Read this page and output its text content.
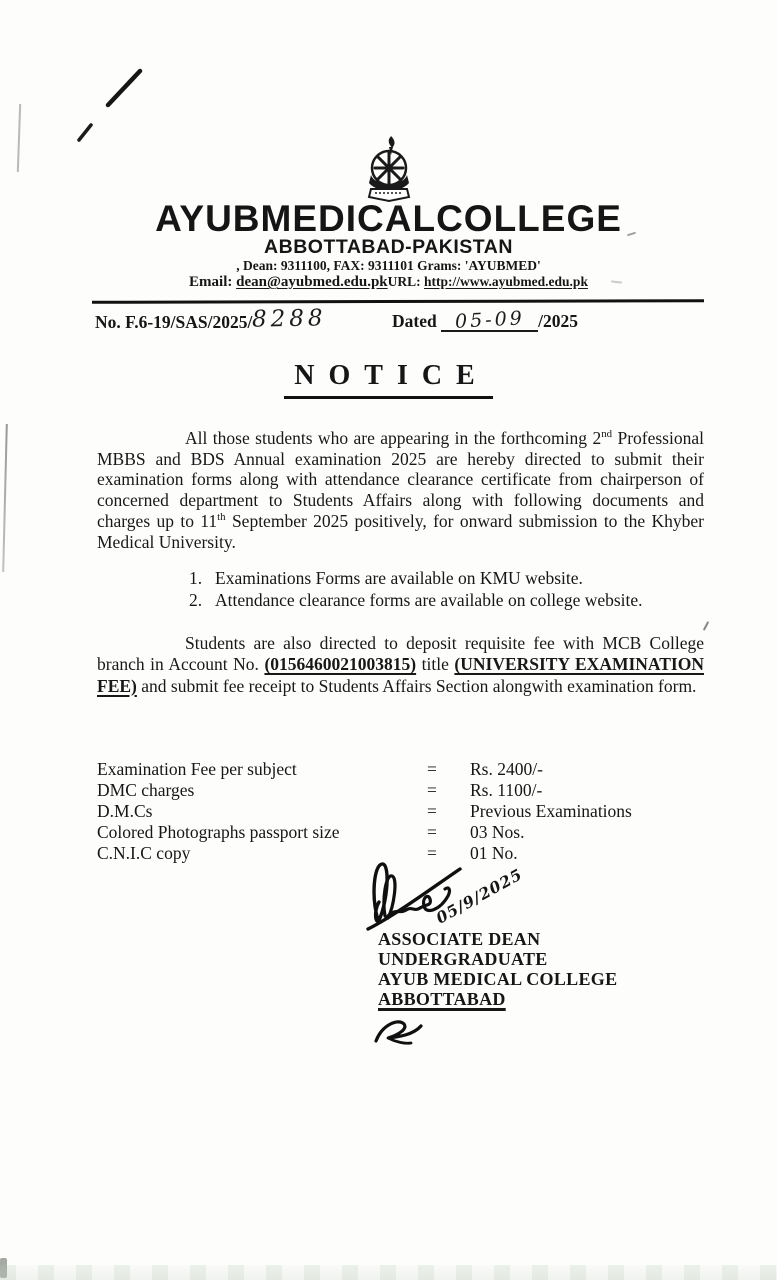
AYUBMEDICALCOLLEGE
ABBOTTABAD-PAKISTAN
, Dean: 9311100, FAX: 9311101 Grams: 'AYUBMED'
Email: dean@ayubmed.edu.pkURL: http://www.ayubmed.edu.pk
No. F.6-19/SAS/2025/8288	Dated 05-09 /2025
NOTICE

All those students who are appearing in the forthcoming 2nd Professional MBBS and BDS Annual examination 2025 are hereby directed to submit their examination forms along with attendance clearance certificate from chairperson of concerned department to Students Affairs along with following documents and charges up to 11th September 2025 positively, for onward submission to the Khyber Medical University.

1. Examinations Forms are available on KMU website.
2. Attendance clearance forms are available on college website.

Students are also directed to deposit requisite fee with MCB College branch in Account No. (0156460021003815) title (UNIVERSITY EXAMINATION FEE) and submit fee receipt to Students Affairs Section alongwith examination form.

Examination Fee per subject	=	Rs. 2400/-
DMC charges	=	Rs. 1100/-
D.M.Cs	=	Previous Examinations
Colored Photographs passport size	=	03 Nos.
C.N.I.C copy	=	01 No.
05/9/2025
ASSOCIATE DEAN
UNDERGRADUATE
AYUB MEDICAL COLLEGE
ABBOTTABAD
